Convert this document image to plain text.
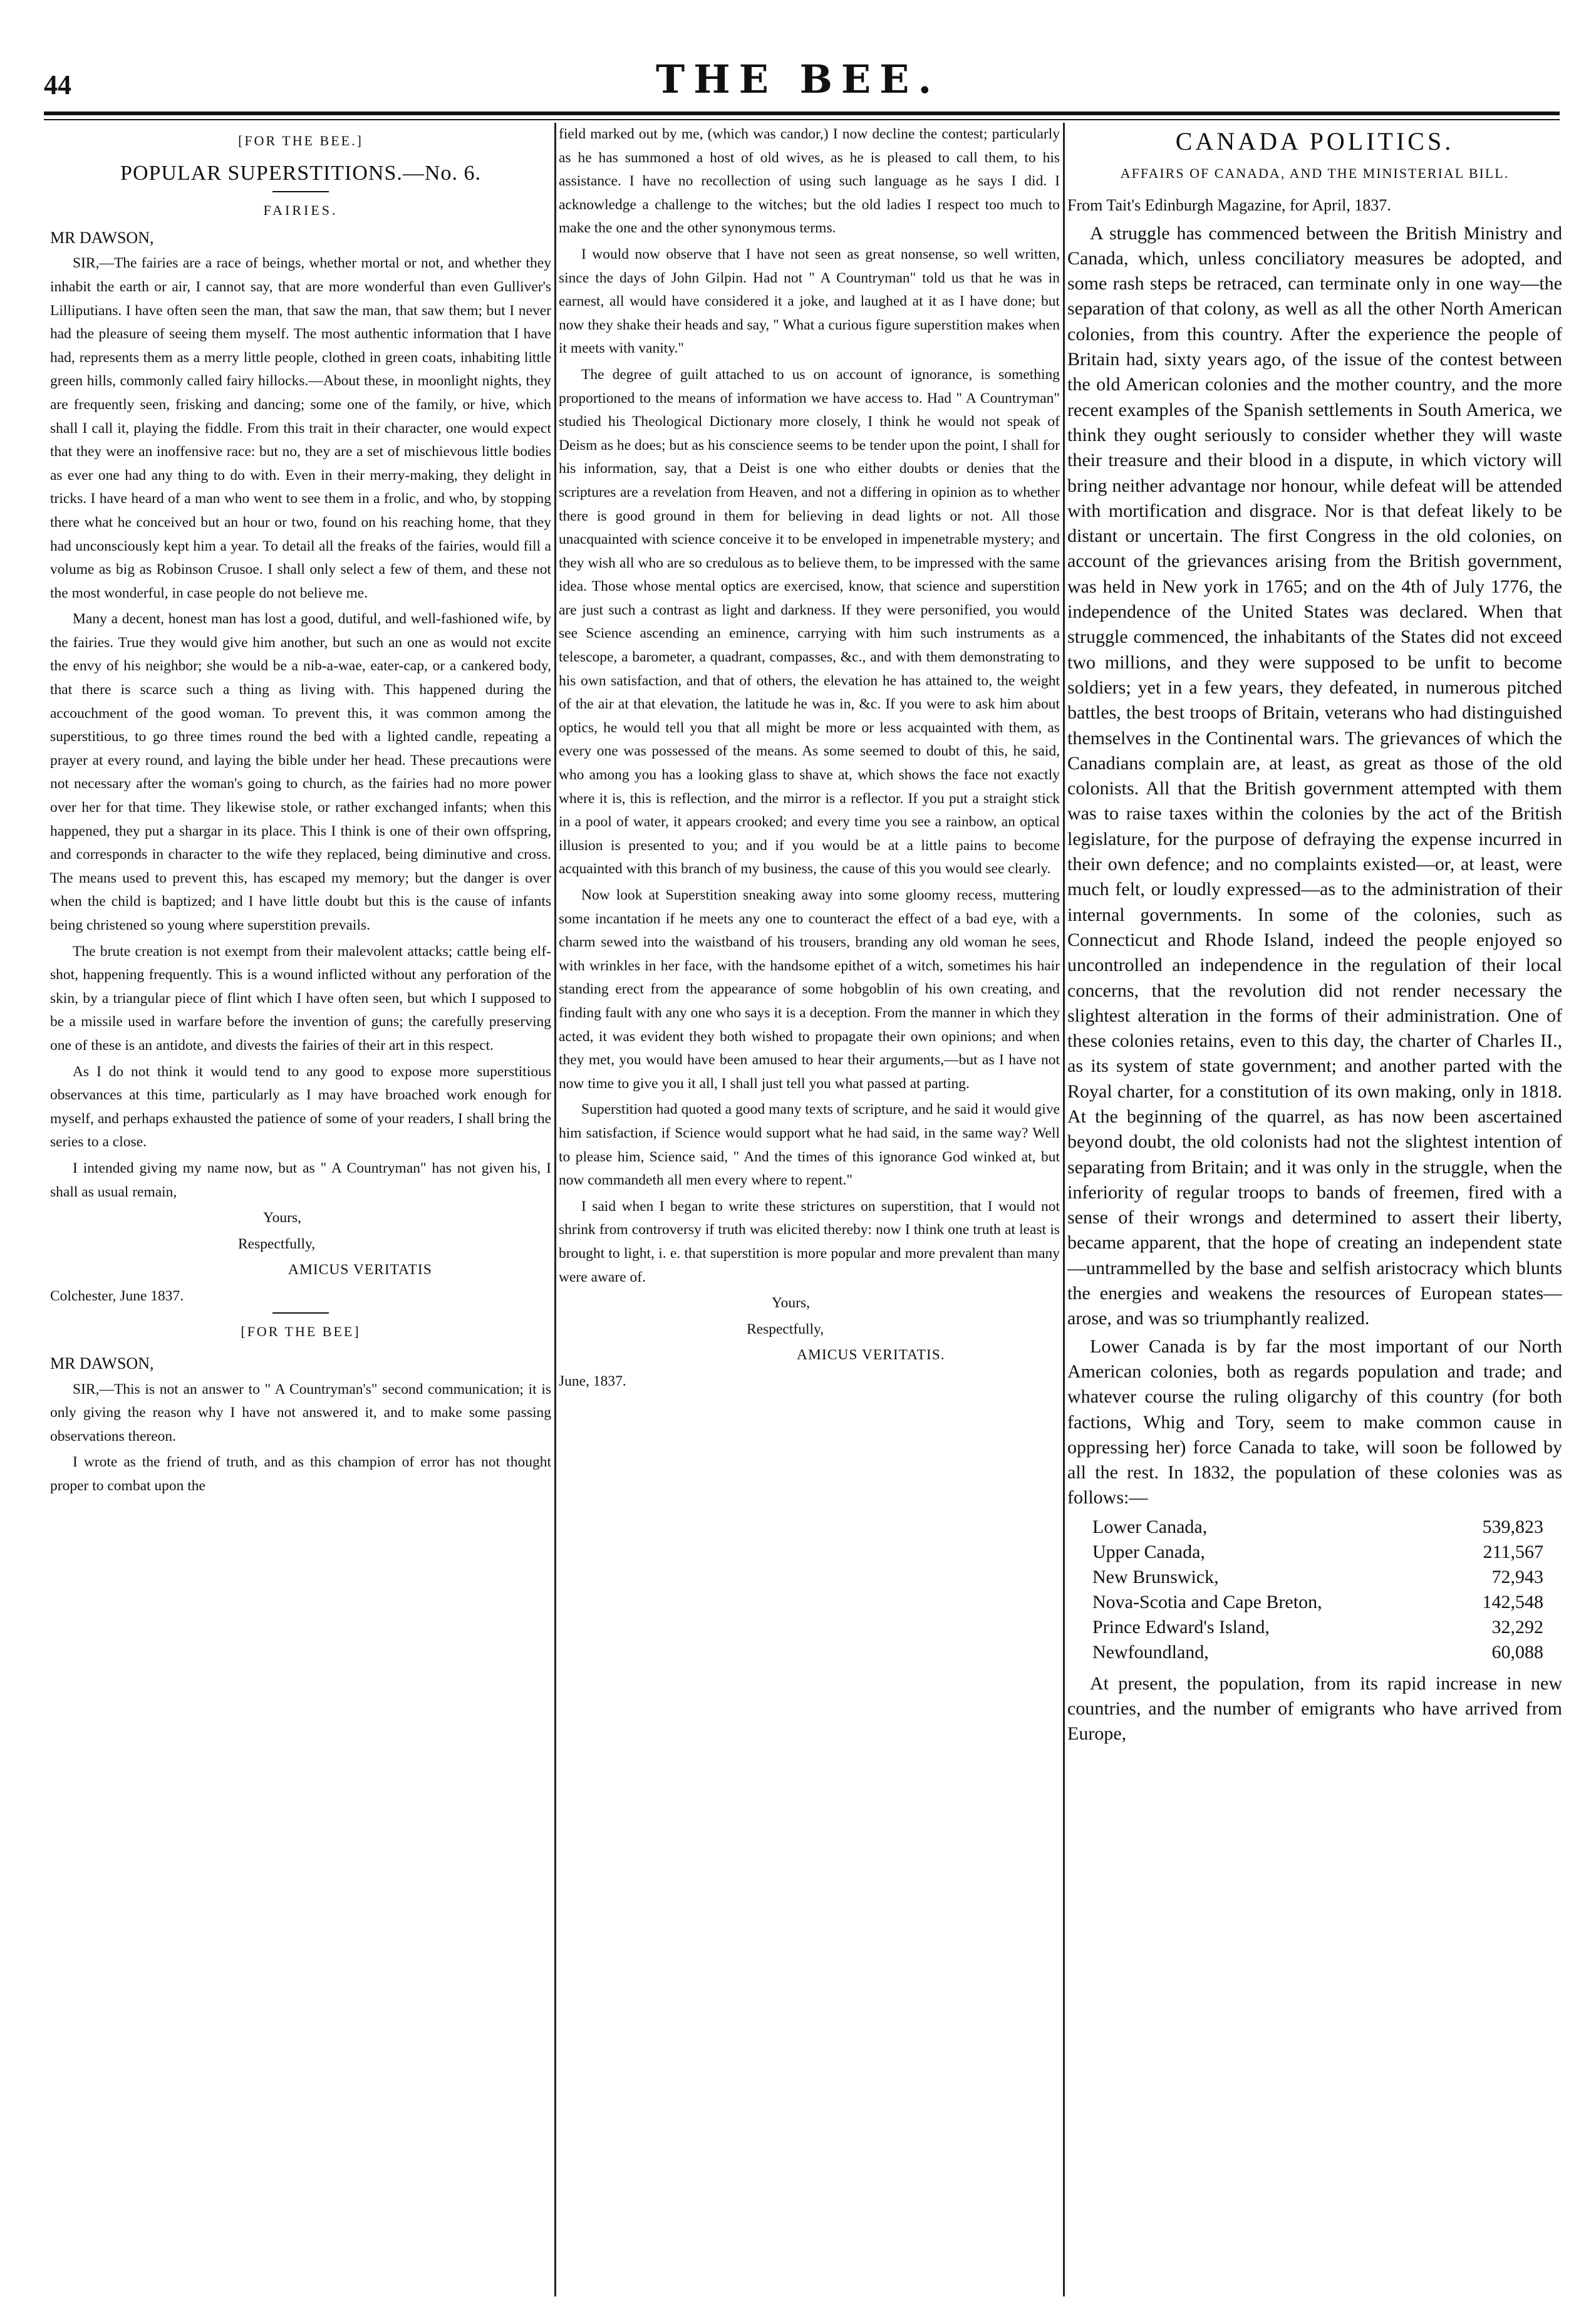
44	THE BEE.
[FOR THE BEE.]
POPULAR SUPERSTITIONS.—No. 6.
FAIRIES.

MR DAWSON,

SIR,—The fairies are a race of beings, whether mortal or not, and whether they inhabit the earth or air, I cannot say, that are more wonderful than even Gulliver's Lilliputians. I have often seen the man, that saw the man, that saw them; but I never had the pleasure of seeing them myself. The most authentic information that I have had, represents them as a merry little people, clothed in green coats, inhabiting little green hills, commonly called fairy hillocks.—About these, in moonlight nights, they are frequently seen, frisking and dancing; some one of the family, or hive, which shall I call it, playing the fiddle. From this trait in their character, one would expect that they were an inoffensive race: but no, they are a set of mischievous little bodies as ever one had any thing to do with. Even in their merry-making, they delight in tricks. I have heard of a man who went to see them in a frolic, and who, by stopping there what he conceived but an hour or two, found on his reaching home, that they had unconsciously kept him a year. To detail all the freaks of the fairies, would fill a volume as big as Robinson Crusoe. I shall only select a few of them, and these not the most wonderful, in case people do not believe me.

Many a decent, honest man has lost a good, dutiful, and well-fashioned wife, by the fairies. True they would give him another, but such an one as would not excite the envy of his neighbor; she would be a nib-a-wae, eater-cap, or a cankered body, that there is scarce such a thing as living with. This happened during the accouchment of the good woman. To prevent this, it was common among the superstitious, to go three times round the bed with a lighted candle, repeating a prayer at every round, and laying the bible under her head. These precautions were not necessary after the woman's going to church, as the fairies had no more power over her for that time. They likewise stole, or rather exchanged infants; when this happened, they put a shargar in its place. This I think is one of their own offspring, and corresponds in character to the wife they replaced, being diminutive and cross. The means used to prevent this, has escaped my memory; but the danger is over when the child is baptized; and I have little doubt but this is the cause of infants being christened so young where superstition prevails.

The brute creation is not exempt from their malevolent attacks; cattle being elf-shot, happening frequently. This is a wound inflicted without any perforation of the skin, by a triangular piece of flint which I have often seen, but which I supposed to be a missile used in warfare before the invention of guns; the carefully preserving one of these is an antidote, and divests the fairies of their art in this respect.

As I do not think it would tend to any good to expose more superstitious observances at this time, particularly as I may have broached work enough for myself, and perhaps exhausted the patience of some of your readers, I shall bring the series to a close.

I intended giving my name now, but as " A Countryman" has not given his, I shall as usual remain,

Yours,

Respectfully,

AMICUS VERITATIS

Colchester, June 1837.

[FOR THE BEE]

MR DAWSON,

SIR,—This is not an answer to " A Countryman's" second communication; it is only giving the reason why I have not answered it, and to make some passing observations thereon.

I wrote as the friend of truth, and as this champion of error has not thought proper to combat upon the

field marked out by me, (which was candor,) I now decline the contest; particularly as he has summoned a host of old wives, as he is pleased to call them, to his assistance. I have no recollection of using such language as he says I did. I acknowledge a challenge to the witches; but the old ladies I respect too much to make the one and the other synonymous terms.

I would now observe that I have not seen as great nonsense, so well written, since the days of John Gilpin. Had not " A Countryman" told us that he was in earnest, all would have considered it a joke, and laughed at it as I have done; but now they shake their heads and say, " What a curious figure superstition makes when it meets with vanity."

The degree of guilt attached to us on account of ignorance, is something proportioned to the means of information we have access to. Had " A Countryman" studied his Theological Dictionary more closely, I think he would not speak of Deism as he does; but as his conscience seems to be tender upon the point, I shall for his information, say, that a Deist is one who either doubts or denies that the scriptures are a revelation from Heaven, and not a differing in opinion as to whether there is good ground in them for believing in dead lights or not. All those unacquainted with science conceive it to be enveloped in impenetrable mystery; and they wish all who are so credulous as to believe them, to be impressed with the same idea. Those whose mental optics are exercised, know, that science and superstition are just such a contrast as light and darkness. If they were personified, you would see Science ascending an eminence, carrying with him such instruments as a telescope, a barometer, a quadrant, compasses, &c., and with them demonstrating to his own satisfaction, and that of others, the elevation he has attained to, the weight of the air at that elevation, the latitude he was in, &c. If you were to ask him about optics, he would tell you that all might be more or less acquainted with them, as every one was possessed of the means. As some seemed to doubt of this, he said, who among you has a looking glass to shave at, which shows the face not exactly where it is, this is reflection, and the mirror is a reflector. If you put a straight stick in a pool of water, it appears crooked; and every time you see a rainbow, an optical illusion is presented to you; and if you would be at a little pains to become acquainted with this branch of my business, the cause of this you would see clearly.

Now look at Superstition sneaking away into some gloomy recess, muttering some incantation if he meets any one to counteract the effect of a bad eye, with a charm sewed into the waistband of his trousers, branding any old woman he sees, with wrinkles in her face, with the handsome epithet of a witch, sometimes his hair standing erect from the appearance of some hobgoblin of his own creating, and finding fault with any one who says it is a deception. From the manner in which they acted, it was evident they both wished to propagate their own opinions; and when they met, you would have been amused to hear their arguments,—but as I have not now time to give you it all, I shall just tell you what passed at parting.

Superstition had quoted a good many texts of scripture, and he said it would give him satisfaction, if Science would support what he had said, in the same way? Well to please him, Science said, " And the times of this ignorance God winked at, but now commandeth all men every where to repent."

I said when I began to write these strictures on superstition, that I would not shrink from controversy if truth was elicited thereby: now I think one truth at least is brought to light, i. e. that superstition is more popular and more prevalent than many were aware of.

Yours,

Respectfully,

AMICUS VERITATIS.

June, 1837.

CANADA POLITICS.
AFFAIRS OF CANADA, AND THE MINISTERIAL BILL.

From Tait's Edinburgh Magazine, for April, 1837.

A struggle has commenced between the British Ministry and Canada, which, unless conciliatory measures be adopted, and some rash steps be retraced, can terminate only in one way—the separation of that colony, as well as all the other North American colonies, from this country. After the experience the people of Britain had, sixty years ago, of the issue of the contest between the old American colonies and the mother country, and the more recent examples of the Spanish settlements in South America, we think they ought seriously to consider whether they will waste their treasure and their blood in a dispute, in which victory will bring neither advantage nor honour, while defeat will be attended with mortification and disgrace. Nor is that defeat likely to be distant or uncertain. The first Congress in the old colonies, on account of the grievances arising from the British government, was held in New york in 1765; and on the 4th of July 1776, the independence of the United States was declared. When that struggle commenced, the inhabitants of the States did not exceed two millions, and they were supposed to be unfit to become soldiers; yet in a few years, they defeated, in numerous pitched battles, the best troops of Britain, veterans who had distinguished themselves in the Continental wars. The grievances of which the Canadians complain are, at least, as great as those of the old colonists. All that the British government attempted with them was to raise taxes within the colonies by the act of the British legislature, for the purpose of defraying the expense incurred in their own defence; and no complaints existed—or, at least, were much felt, or loudly expressed—as to the administration of their internal governments. In some of the colonies, such as Connecticut and Rhode Island, indeed the people enjoyed so uncontrolled an independence in the regulation of their local concerns, that the revolution did not render necessary the slightest alteration in the forms of their administration. One of these colonies retains, even to this day, the charter of Charles II., as its system of state government; and another parted with the Royal charter, for a constitution of its own making, only in 1818. At the beginning of the quarrel, as has now been ascertained beyond doubt, the old colonists had not the slightest intention of separating from Britain; and it was only in the struggle, when the inferiority of regular troops to bands of freemen, fired with a sense of their wrongs and determined to assert their liberty, became apparent, that the hope of creating an independent state—untrammelled by the base and selfish aristocracy which blunts the energies and weakens the resources of European states—arose, and was so triumphantly realized.

Lower Canada is by far the most important of our North American colonies, both as regards population and trade; and whatever course the ruling oligarchy of this country (for both factions, Whig and Tory, seem to make common cause in oppressing her) force Canada to take, will soon be followed by all the rest. In 1832, the population of these colonies was as follows:—

Lower Canada,	539,823
Upper Canada,	211,567
New Brunswick,	72,943
Nova-Scotia and Cape Breton,	142,548
Prince Edward's Island,	32,292
Newfoundland,	60,088

At present, the population, from its rapid increase in new countries, and the number of emigrants who have arrived from Europe,
